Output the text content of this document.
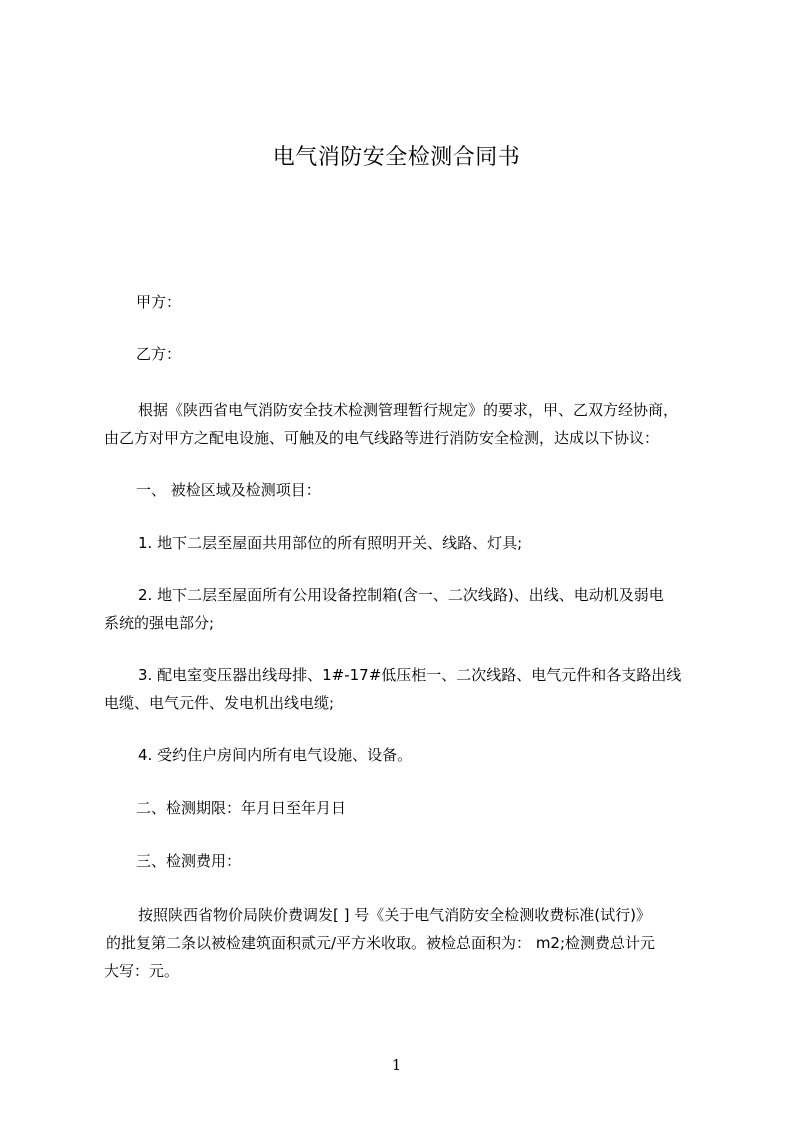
电气消防安全检测合同书
甲方：
乙方：
根据《陕西省电气消防安全技术检测管理暂行规定》的要求，甲、乙双方经协商，
由乙方对甲方之配电设施、可触及的电气线路等进行消防安全检测，达成以下协议：
一、 被检区域及检测项目：
1. 地下二层至屋面共用部位的所有照明开关、线路、灯具;
2. 地下二层至屋面所有公用设备控制箱(含一、二次线路)、出线、电动机及弱电
系统的强电部分;
3. 配电室变压器出线母排、1#-17#低压柜一、二次线路、电气元件和各支路出线
电缆、电气元件、发电机出线电缆;
4. 受约住户房间内所有电气设施、设备。
二、检测期限：年月日至年月日
三、检测费用：
按照陕西省物价局陕价费调发[ ] 号《关于电气消防安全检测收费标准(试行)》
的批复第二条以被检建筑面积贰元/平方米收取。被检总面积为： m2;检测费总计元
大写：元。
1
